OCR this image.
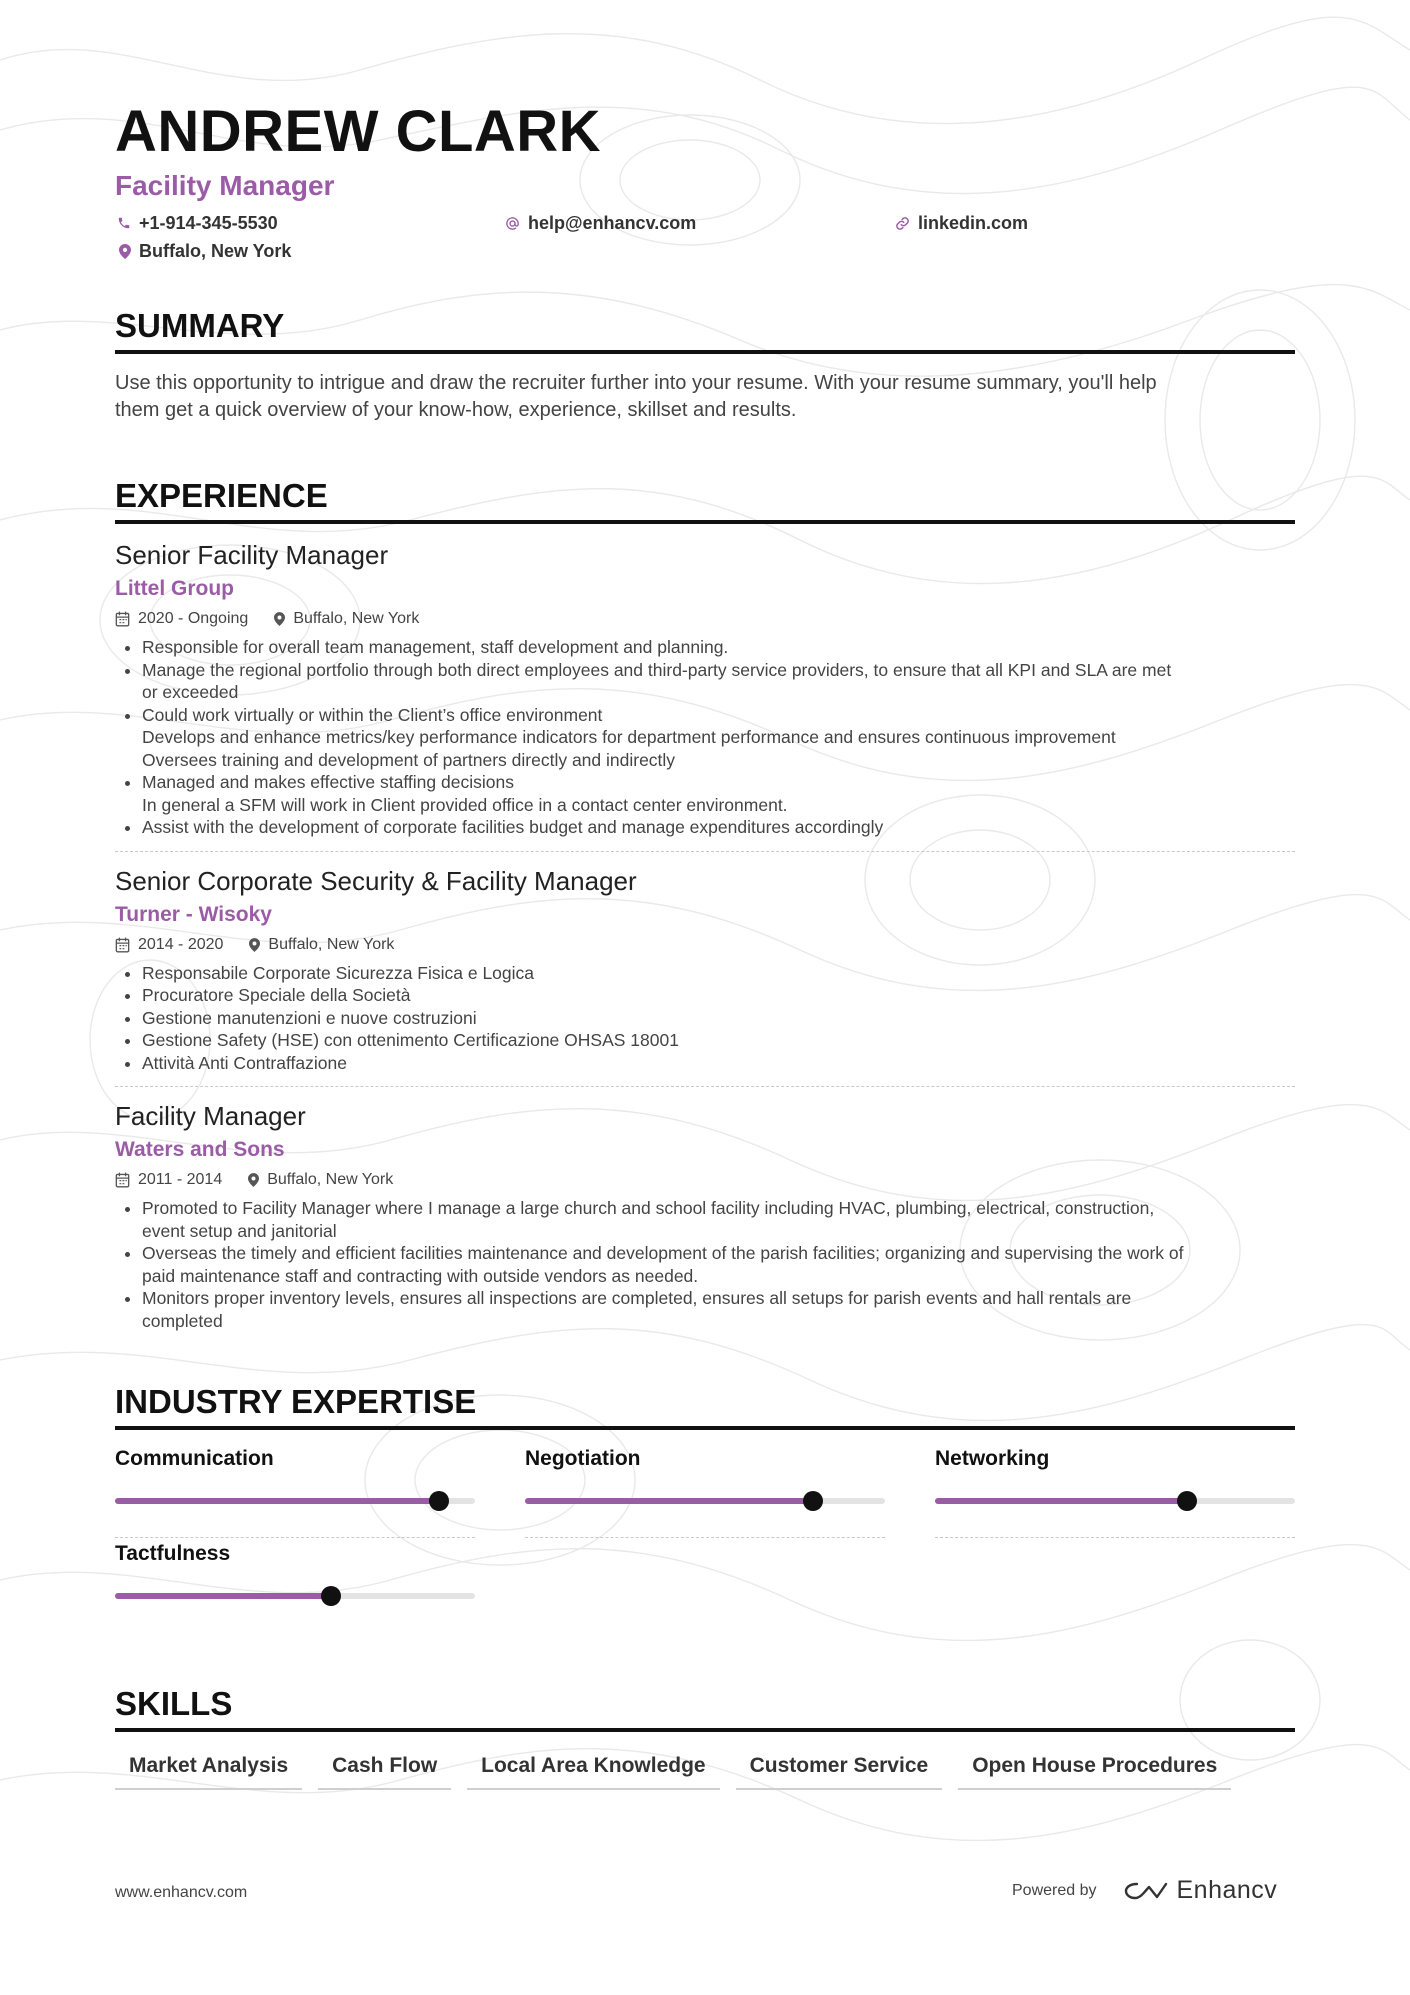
ANDREW CLARK
Facility Manager
+1-914-345-5530	help@enhancv.com	linkedin.com
Buffalo, New York
SUMMARY
Use this opportunity to intrigue and draw the recruiter further into your resume. With your resume summary, you'll help
them get a quick overview of your know-how, experience, skillset and results.
EXPERIENCE
Senior Facility Manager
Littel Group
2020 - Ongoing	Buffalo, New York
• Responsible for overall team management, staff development and planning.
• Manage the regional portfolio through both direct employees and third-party service providers, to ensure that all KPI and SLA are met
or exceeded
• Could work virtually or within the Client’s office environment
Develops and enhance metrics/key performance indicators for department performance and ensures continuous improvement
Oversees training and development of partners directly and indirectly
• Managed and makes effective staffing decisions
In general a SFM will work in Client provided office in a contact center environment.
• Assist with the development of corporate facilities budget and manage expenditures accordingly
Senior Corporate Security & Facility Manager
Turner - Wisoky
2014 - 2020	Buffalo, New York
• Responsabile Corporate Sicurezza Fisica e Logica
• Procuratore Speciale della Società
• Gestione manutenzioni e nuove costruzioni
• Gestione Safety (HSE) con ottenimento Certificazione OHSAS 18001
• Attività Anti Contraffazione
Facility Manager
Waters and Sons
2011 - 2014	Buffalo, New York
• Promoted to Facility Manager where I manage a large church and school facility including HVAC, plumbing, electrical, construction,
event setup and janitorial
• Overseas the timely and efficient facilities maintenance and development of the parish facilities; organizing and supervising the work of
paid maintenance staff and contracting with outside vendors as needed.
• Monitors proper inventory levels, ensures all inspections are completed, ensures all setups for parish events and hall rentals are
completed
INDUSTRY EXPERTISE
Communication	Negotiation	Networking
Tactfulness
SKILLS
Market Analysis	Cash Flow	Local Area Knowledge	Customer Service	Open House Procedures
www.enhancv.com	Powered by	Enhancv
